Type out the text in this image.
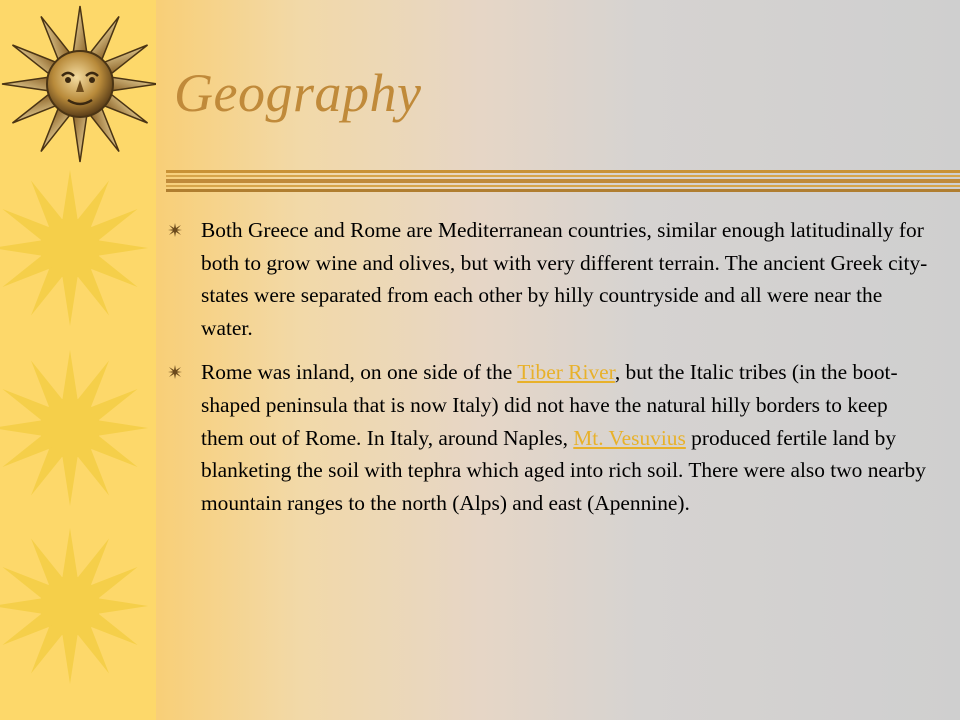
Geography
Both Greece and Rome are Mediterranean countries, similar enough latitudinally for both to grow wine and olives, but with very different terrain. The ancient Greek city-states were separated from each other by hilly countryside and all were near the water.
Rome was inland, on one side of the Tiber River, but the Italic tribes (in the boot-shaped peninsula that is now Italy) did not have the natural hilly borders to keep them out of Rome. In Italy, around Naples, Mt. Vesuvius produced fertile land by blanketing the soil with tephra which aged into rich soil. There were also two nearby mountain ranges to the north (Alps) and east (Apennine).
